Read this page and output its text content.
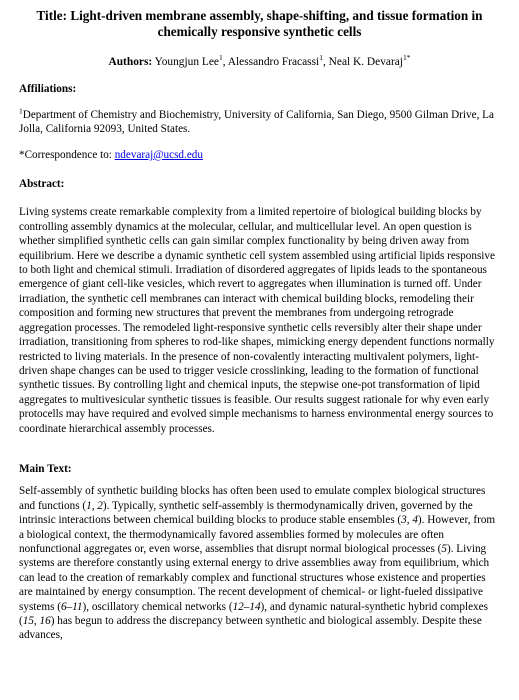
Title: Light-driven membrane assembly, shape-shifting, and tissue formation in chemically responsive synthetic cells
Authors: Youngjun Lee$^1$, Alessandro Fracassi$^1$, Neal K. Devaraj$^{1*}$
Affiliations:

$^1$Department of Chemistry and Biochemistry, University of California, San Diego, 9500 Gilman Drive, La Jolla, California 92093, United States.

*Correspondence to: ndevaraj@ucsd.edu

Abstract:

Living systems create remarkable complexity from a limited repertoire of biological building blocks by controlling assembly dynamics at the molecular, cellular, and multicellular level. An open question is whether simplified synthetic cells can gain similar complex functionality by being driven away from equilibrium. Here we describe a dynamic synthetic cell system assembled using artificial lipids responsive to both light and chemical stimuli. Irradiation of disordered aggregates of lipids leads to the spontaneous emergence of giant cell-like vesicles, which revert to aggregates when illumination is turned off. Under irradiation, the synthetic cell membranes can interact with chemical building blocks, remodeling their composition and forming new structures that prevent the membranes from undergoing retrograde aggregation processes. The remodeled light-responsive synthetic cells reversibly alter their shape under irradiation, transitioning from spheres to rod-like shapes, mimicking energy dependent functions normally restricted to living materials. In the presence of non-covalently interacting multivalent polymers, light-driven shape changes can be used to trigger vesicle crosslinking, leading to the formation of functional synthetic tissues. By controlling light and chemical inputs, the stepwise one-pot transformation of lipid aggregates to multivesicular synthetic tissues is feasible. Our results suggest rationale for why even early protocells may have required and evolved simple mechanisms to harness environmental energy sources to coordinate hierarchical assembly processes.

Main Text:

Self-assembly of synthetic building blocks has often been used to emulate complex biological structures and functions (1, 2). Typically, synthetic self-assembly is thermodynamically driven, governed by the intrinsic interactions between chemical building blocks to produce stable ensembles (3, 4). However, from a biological context, the thermodynamically favored assemblies formed by molecules are often nonfunctional aggregates or, even worse, assemblies that disrupt normal biological processes (5). Living systems are therefore constantly using external energy to drive assemblies away from equilibrium, which can lead to the creation of remarkably complex and functional structures whose existence and properties are maintained by energy consumption. The recent development of chemical- or light-fueled dissipative systems (6–11), oscillatory chemical networks (12–14), and dynamic natural-synthetic hybrid complexes (15, 16) has begun to address the discrepancy between synthetic and biological assembly. Despite these advances,
